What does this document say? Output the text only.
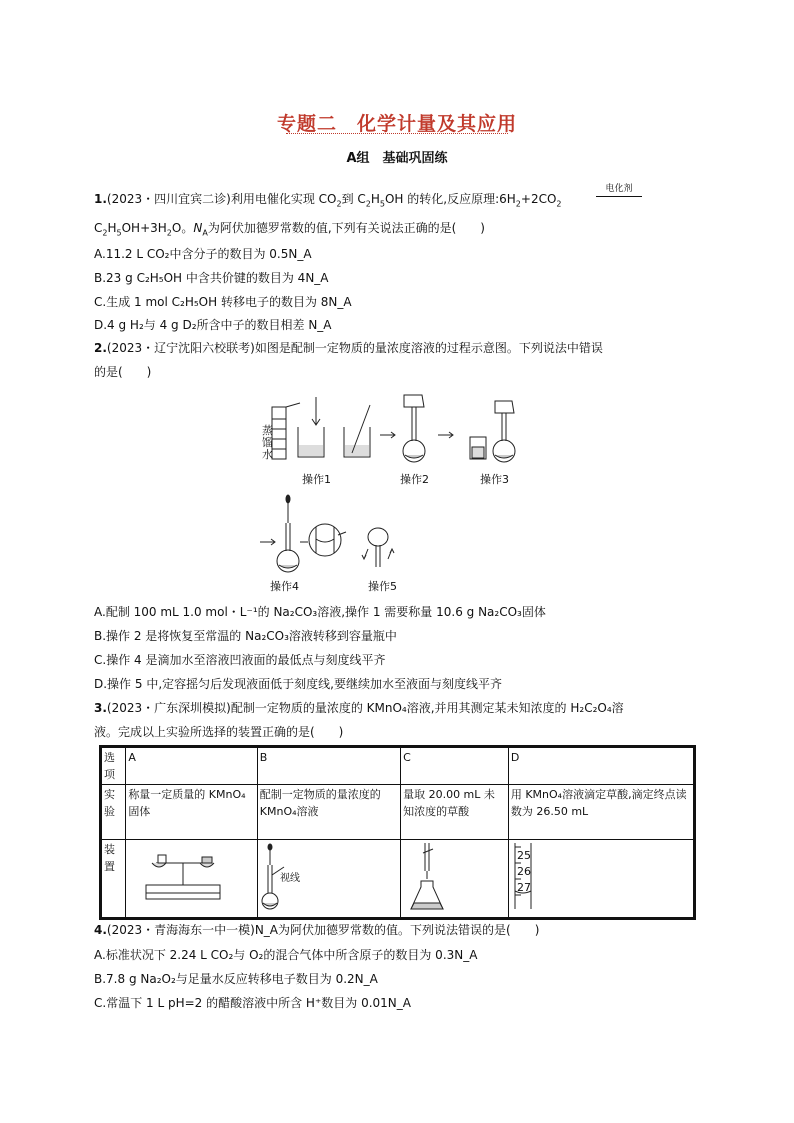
专题二　化学计量及其应用
A组　基础巩固练
1.(2023・四川宜宾二诊)利用电催化实现 $CO_2$到 $C_2H_5OH$ 的转化,反应原理$:6H_2+2CO_2$
电化剂
$C_2H_5OH+3H_2O$。$N_A$为阿伏加德罗常数的值,下列有关说法正确的是(　　)
A.11.2 L CO₂中含分子的数目为 0.5N_A
B.23 g C₂H₅OH 中含共价键的数目为 4N_A
C.生成 1 mol C₂H₅OH 转移电子的数目为 8N_A
D.4 g H₂与 4 g D₂所含中子的数目相差 N_A
2.(2023・辽宁沈阳六校联考)如图是配制一定物质的量浓度溶液的过程示意图。下列说法中错误
的是(　　)
操作1	操作2	操作3
操作4	操作5
蒸馏水
A.配制 100 mL 1.0 mol・L⁻¹的 Na₂CO₃溶液,操作 1 需要称量 10.6 g Na₂CO₃固体
B.操作 2 是将恢复至常温的 Na₂CO₃溶液转移到容量瓶中
C.操作 4 是滴加水至溶液凹液面的最低点与刻度线平齐
D.操作 5 中,定容摇匀后发现液面低于刻度线,要继续加水至液面与刻度线平齐
3.(2023・广东深圳模拟)配制一定物质的量浓度的 KMnO₄溶液,并用其测定某未知浓度的 H₂C₂O₄溶
液。完成以上实验所选择的装置正确的是(　　)
选项	A	B	C	D
实验	称量一定质量的 KMnO₄固体	配制一定物质的量浓度的 KMnO₄溶液	量取 20.00 mL 未知浓度的草酸	用 KMnO₄溶液滴定草酸,滴定终点读数为 26.50 mL
装置		视线		25
26
27
4.(2023・青海海东一中一模)N_A为阿伏加德罗常数的值。下列说法错误的是(　　)
A.标准状况下 2.24 L CO₂与 O₂的混合气体中所含原子的数目为 0.3N_A
B.7.8 g Na₂O₂与足量水反应转移电子数目为 0.2N_A
C.常温下 1 L pH=2 的醋酸溶液中所含 H⁺数目为 0.01N_A
